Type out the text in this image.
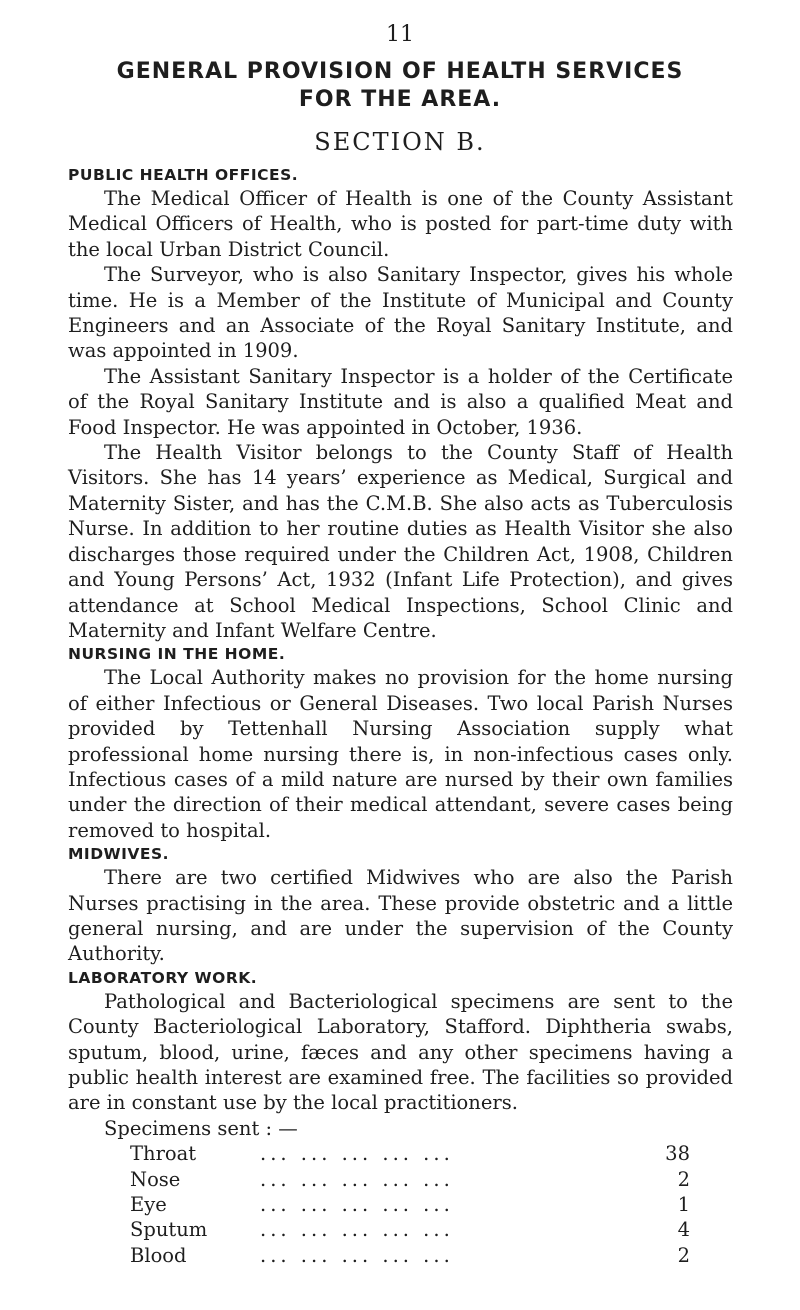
11
GENERAL PROVISION OF HEALTH SERVICES
FOR THE AREA.
SECTION B.
PUBLIC HEALTH OFFICES.

The Medical Officer of Health is one of the County Assistant Medical Officers of Health, who is posted for part-time duty with the local Urban District Council.

The Surveyor, who is also Sanitary Inspector, gives his whole time. He is a Member of the Institute of Municipal and County Engineers and an Associate of the Royal Sanitary Institute, and was appointed in 1909.

The Assistant Sanitary Inspector is a holder of the Certificate of the Royal Sanitary Institute and is also a qualified Meat and Food Inspector. He was appointed in October, 1936.

The Health Visitor belongs to the County Staff of Health Visitors. She has 14 years’ experience as Medical, Surgical and Maternity Sister, and has the C.M.B. She also acts as Tuberculosis Nurse. In addition to her routine duties as Health Visitor she also discharges those required under the Children Act, 1908, Children and Young Persons’ Act, 1932 (Infant Life Protection), and gives attendance at School Medical Inspections, School Clinic and Maternity and Infant Welfare Centre.

NURSING IN THE HOME.

The Local Authority makes no provision for the home nursing of either Infectious or General Diseases. Two local Parish Nurses provided by Tettenhall Nursing Association supply what professional home nursing there is, in non-infectious cases only. Infectious cases of a mild nature are nursed by their own families under the direction of their medical attendant, severe cases being removed to hospital.

MIDWIVES.

There are two certified Midwives who are also the Parish Nurses practising in the area. These provide obstetric and a little general nursing, and are under the supervision of the County Authority.

LABORATORY WORK.

Pathological and Bacteriological specimens are sent to the County Bacteriological Laboratory, Stafford. Diphtheria swabs, sputum, blood, urine, fæces and any other specimens having a public health interest are examined free. The facilities so provided are in constant use by the local practitioners.

Specimens sent : —
Throat	... ... ... ... ...	38
Nose	... ... ... ... ...	2
Eye	... ... ... ... ...	1
Sputum	... ... ... ... ...	4
Blood	... ... ... ... ...	2
